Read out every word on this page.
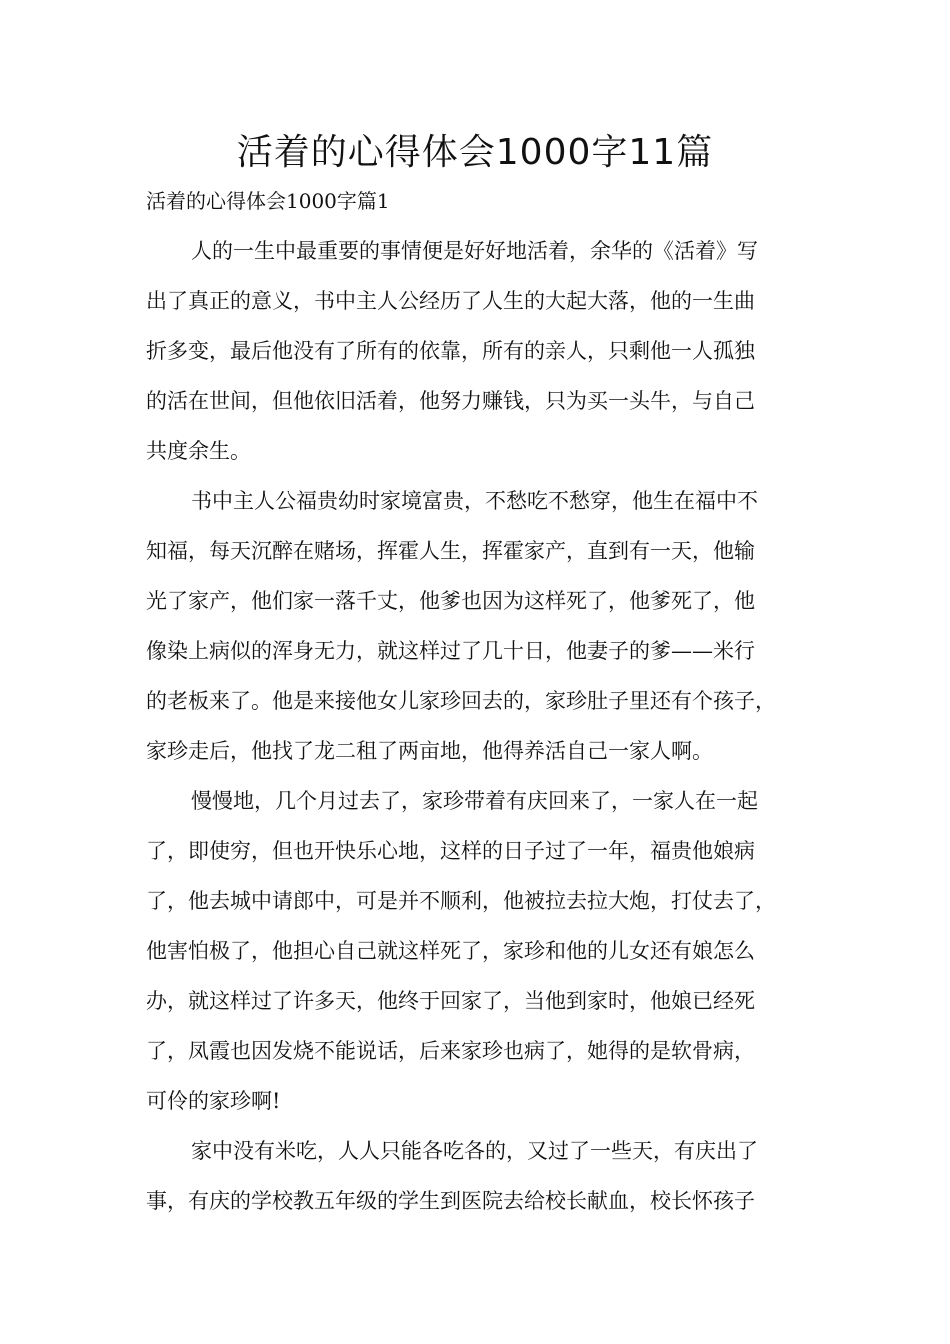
活着的心得体会1000字11篇

活着的心得体会1000字篇1

人的一生中最重要的事情便是好好地活着，余华的《活着》写
出了真正的意义，书中主人公经历了人生的大起大落，他的一生曲
折多变，最后他没有了所有的依靠，所有的亲人，只剩他一人孤独
的活在世间，但他依旧活着，他努力赚钱，只为买一头牛，与自己
共度余生。

书中主人公福贵幼时家境富贵，不愁吃不愁穿，他生在福中不
知福，每天沉醉在赌场，挥霍人生，挥霍家产，直到有一天，他输
光了家产，他们家一落千丈，他爹也因为这样死了，他爹死了，他
像染上病似的浑身无力，就这样过了几十日，他妻子的爹——米行
的老板来了。他是来接他女儿家珍回去的，家珍肚子里还有个孩子，
家珍走后，他找了龙二租了两亩地，他得养活自己一家人啊。

慢慢地，几个月过去了，家珍带着有庆回来了，一家人在一起
了，即使穷，但也开快乐心地，这样的日子过了一年，福贵他娘病
了，他去城中请郎中，可是并不顺利，他被拉去拉大炮，打仗去了，
他害怕极了，他担心自己就这样死了，家珍和他的儿女还有娘怎么
办，就这样过了许多天，他终于回家了，当他到家时，他娘已经死
了，凤霞也因发烧不能说话，后来家珍也病了，她得的是软骨病，
可伶的家珍啊!

家中没有米吃，人人只能各吃各的，又过了一些天，有庆出了
事，有庆的学校教五年级的学生到医院去给校长献血，校长怀孩子
